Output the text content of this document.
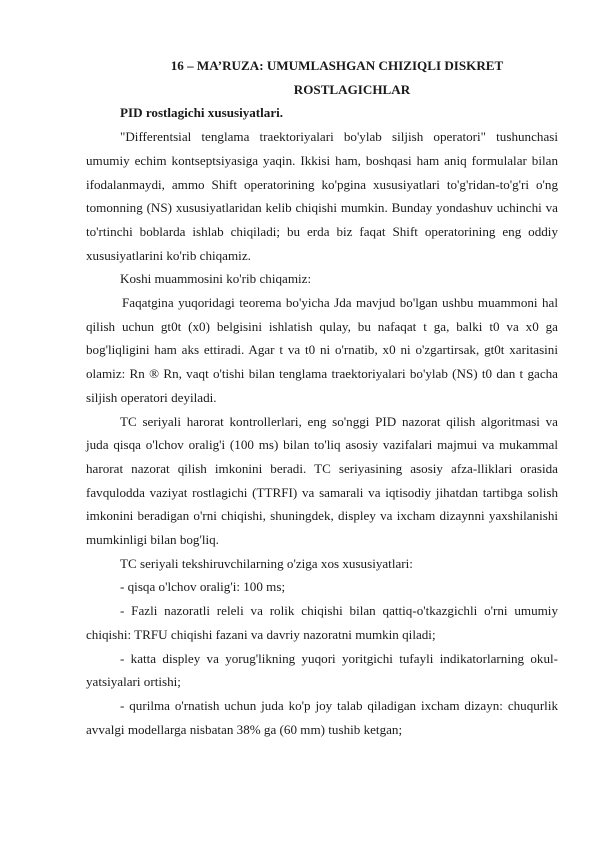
16 – MA’RUZA: UMUMLASHGAN CHIZIQLI DISKRET
ROSTLAGICHLAR
PID rostlagichi xususiyatlari.

"Differentsial tenglama traektoriyalari bo'ylab siljish operatori" tushunchasi umumiy echim kontseptsiyasiga yaqin. Ikkisi ham, boshqasi ham aniq formulalar bilan ifodalanmaydi, ammo Shift operatorining ko'pgina xususiyatlari to'g'ridan-to'g'ri o'ng tomonning (NS) xususiyatlaridan kelib chiqishi mumkin. Bunday yondashuv uchinchi va to'rtinchi boblarda ishlab chiqiladi; bu erda biz faqat Shift operatorining eng oddiy xususiyatlarini ko'rib chiqamiz.

Koshi muammosini ko'rib chiqamiz:

Faqatgina yuqoridagi teorema bo'yicha Jda mavjud bo'lgan ushbu muammoni hal qilish uchun gt0t (x0) belgisini ishlatish qulay, bu nafaqat t ga, balki t0 va x0 ga bog'liqligini ham aks ettiradi. Agar t va t0 ni o'rnatib, x0 ni o'zgartirsak, gt0t xaritasini olamiz: Rn ® Rn, vaqt o'tishi bilan tenglama traektoriyalari bo'ylab (NS) t0 dan t gacha siljish operatori deyiladi.

TC seriyali harorat kontrollerlari, eng so'nggi PID nazorat qilish algoritmasi va juda qisqa o'lchov oralig'i (100 ms) bilan to'liq asosiy vazifalari majmui va mukammal harorat nazorat qilish imkonini beradi. TC seriyasining asosiy afza-lliklari orasida favqulodda vaziyat rostlagichi (TTRFI) va samarali va iqtisodiy jihatdan tartibga solish imkonini beradigan o'rni chiqishi, shuningdek, displey va ixcham dizaynni yaxshilanishi mumkinligi bilan bog'liq.

TC seriyali tekshiruvchilarning o'ziga xos xususiyatlari:

- qisqa o'lchov oralig'i: 100 ms;

- Fazli nazoratli releli va rolik chiqishi bilan qattiq-o'tkazgichli o'rni umumiy chiqishi: TRFU chiqishi fazani va davriy nazoratni mumkin qiladi;

- katta displey va yorug'likning yuqori yoritgichi tufayli indikatorlarning okul-yatsiyalari ortishi;

- qurilma o'rnatish uchun juda ko'p joy talab qiladigan ixcham dizayn: chuqurlik avvalgi modellarga nisbatan 38% ga (60 mm) tushib ketgan;
